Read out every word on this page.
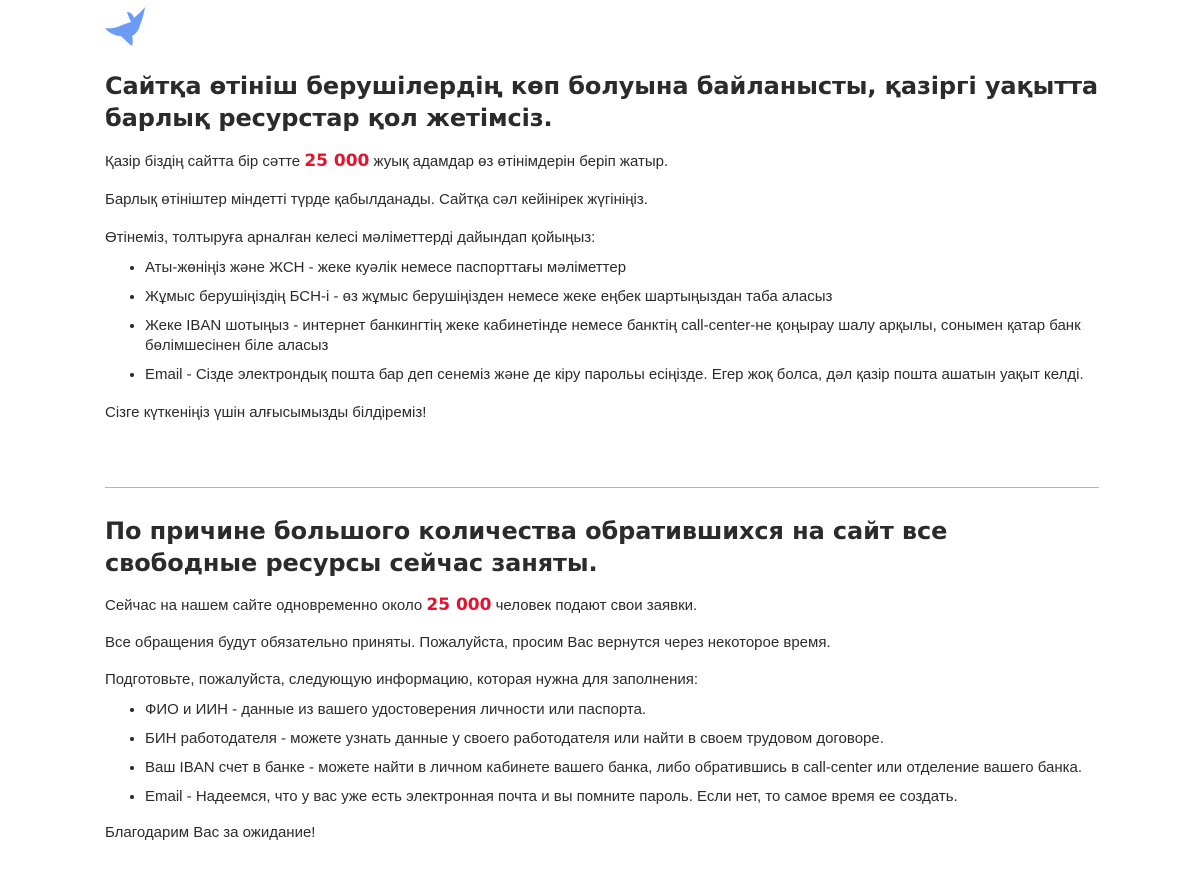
Сайтқа өтініш берушілердің көп болуына байланысты, қазіргі уақытта барлық ресурстар қол жетімсіз.

Қазір біздің сайтта бір сәтте 25 000 жуық адамдар өз өтінімдерін беріп жатыр.

Барлық өтініштер міндетті түрде қабылданады. Сайтқа сәл кейінірек жүгініңіз.

Өтінеміз, толтыруға арналған келесі мәліметтерді дайындап қойыңыз:

• Аты-жөніңіз және ЖСН - жеке куәлік немесе паспорттағы мәліметтер
• Жұмыс берушіңіздің БСН-і - өз жұмыс берушіңізден немесе жеке еңбек шартыңыздан таба аласыз
• Жеке IBAN шотыңыз - интернет банкингтің жеке кабинетінде немесе банктің call-center-не қоңырау шалу арқылы, сонымен қатар банк бөлімшесінен біле аласыз
• Email - Сізде электрондық пошта бар деп сенеміз және де кіру парольы есіңізде. Егер жоқ болса, дәл қазір пошта ашатын уақыт келді.

Сізге күткеніңіз үшін алғысымызды білдіреміз!

По причине большого количества обратившихся на сайт все свободные ресурсы сейчас заняты.

Сейчас на нашем сайте одновременно около 25 000 человек подают свои заявки.

Все обращения будут обязательно приняты. Пожалуйста, просим Вас вернутся через некоторое время.

Подготовьте, пожалуйста, следующую информацию, которая нужна для заполнения:

• ФИО и ИИН - данные из вашего удостоверения личности или паспорта.
• БИН работодателя - можете узнать данные у своего работодателя или найти в своем трудовом договоре.
• Ваш IBAN счет в банке - можете найти в личном кабинете вашего банка, либо обратившись в call-center или отделение вашего банка.
• Email - Надеемся, что у вас уже есть электронная почта и вы помните пароль. Если нет, то самое время ее создать.

Благодарим Вас за ожидание!
